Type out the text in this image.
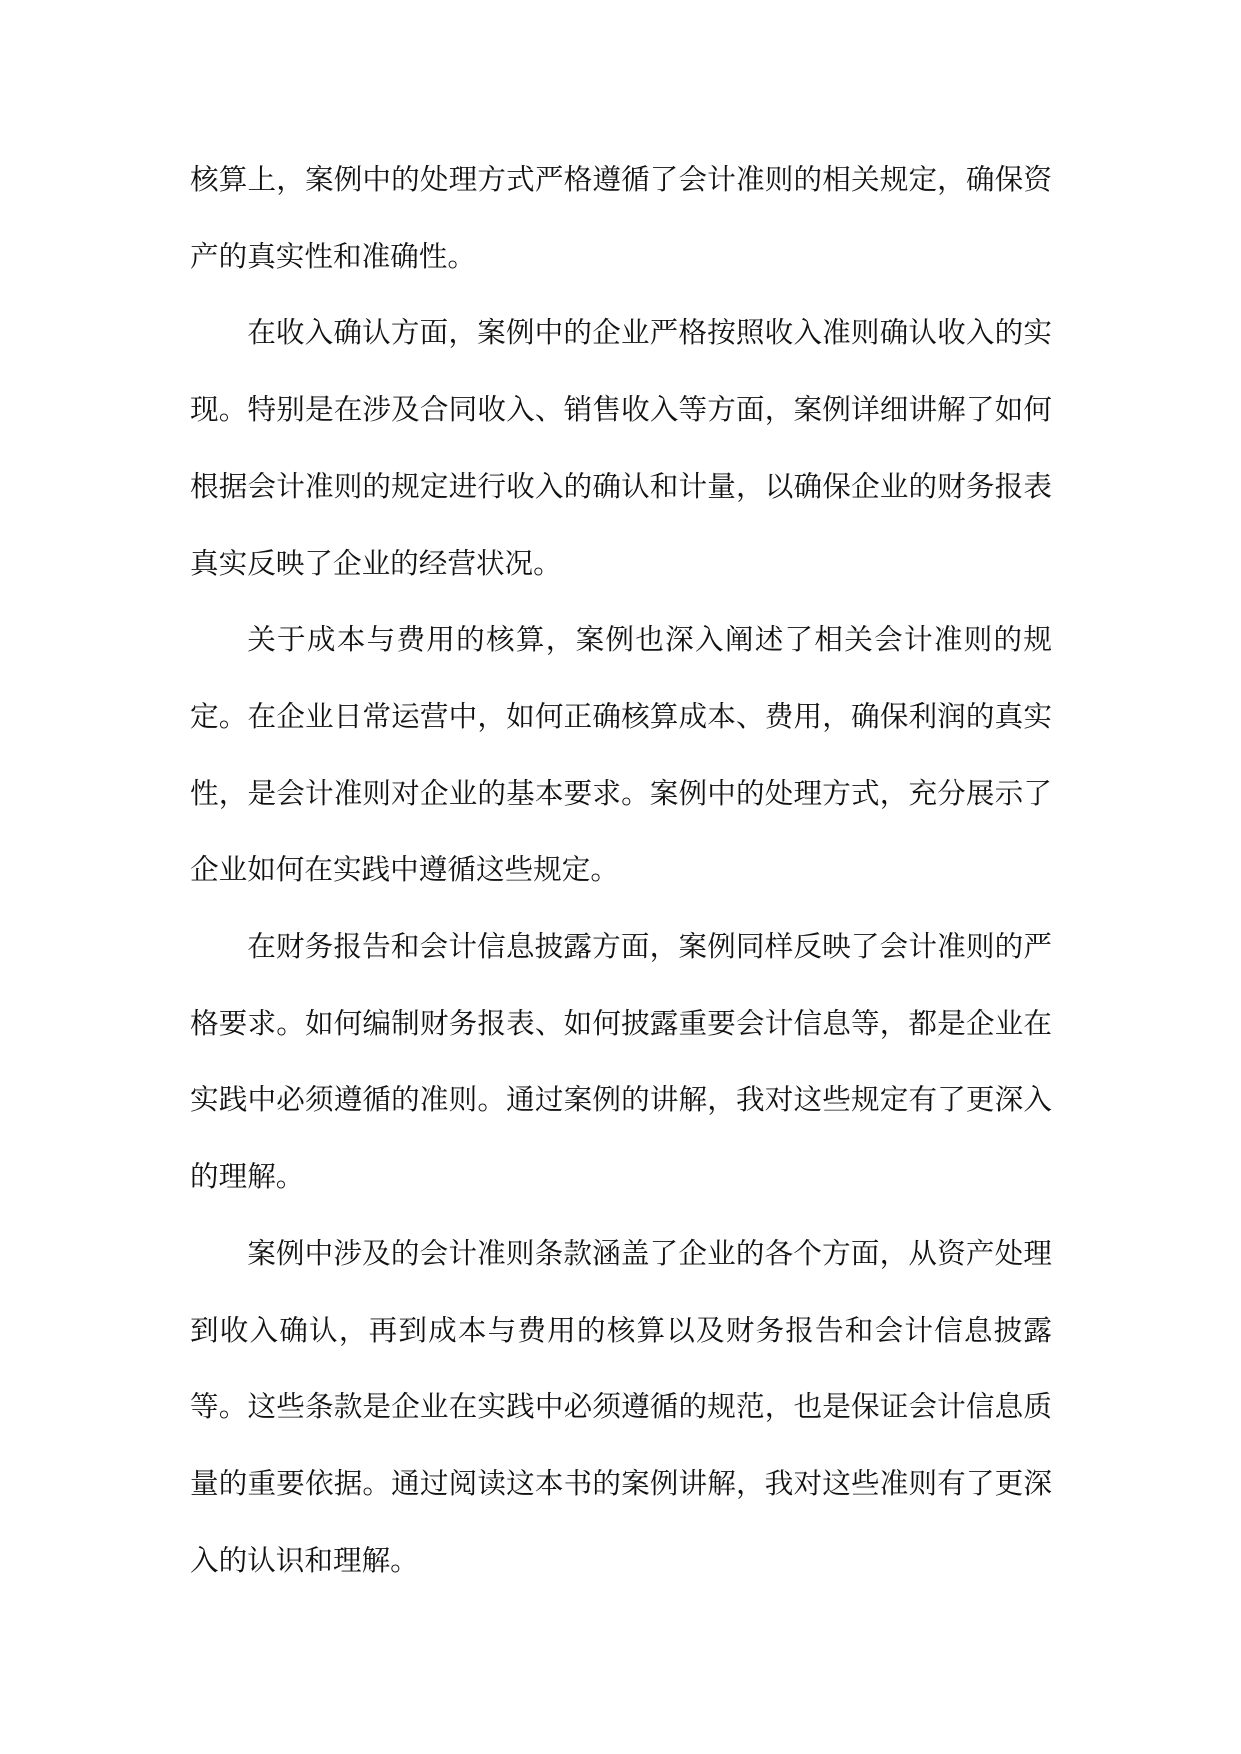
核算上，案例中的处理方式严格遵循了会计准则的相关规定，确保资产的真实性和准确性。

在收入确认方面，案例中的企业严格按照收入准则确认收入的实现。特别是在涉及合同收入、销售收入等方面，案例详细讲解了如何根据会计准则的规定进行收入的确认和计量，以确保企业的财务报表真实反映了企业的经营状况。

关于成本与费用的核算，案例也深入阐述了相关会计准则的规定。在企业日常运营中，如何正确核算成本、费用，确保利润的真实性，是会计准则对企业的基本要求。案例中的处理方式，充分展示了企业如何在实践中遵循这些规定。

在财务报告和会计信息披露方面，案例同样反映了会计准则的严格要求。如何编制财务报表、如何披露重要会计信息等，都是企业在实践中必须遵循的准则。通过案例的讲解，我对这些规定有了更深入的理解。

案例中涉及的会计准则条款涵盖了企业的各个方面，从资产处理到收入确认，再到成本与费用的核算以及财务报告和会计信息披露等。这些条款是企业在实践中必须遵循的规范，也是保证会计信息质量的重要依据。通过阅读这本书的案例讲解，我对这些准则有了更深入的认识和理解。
